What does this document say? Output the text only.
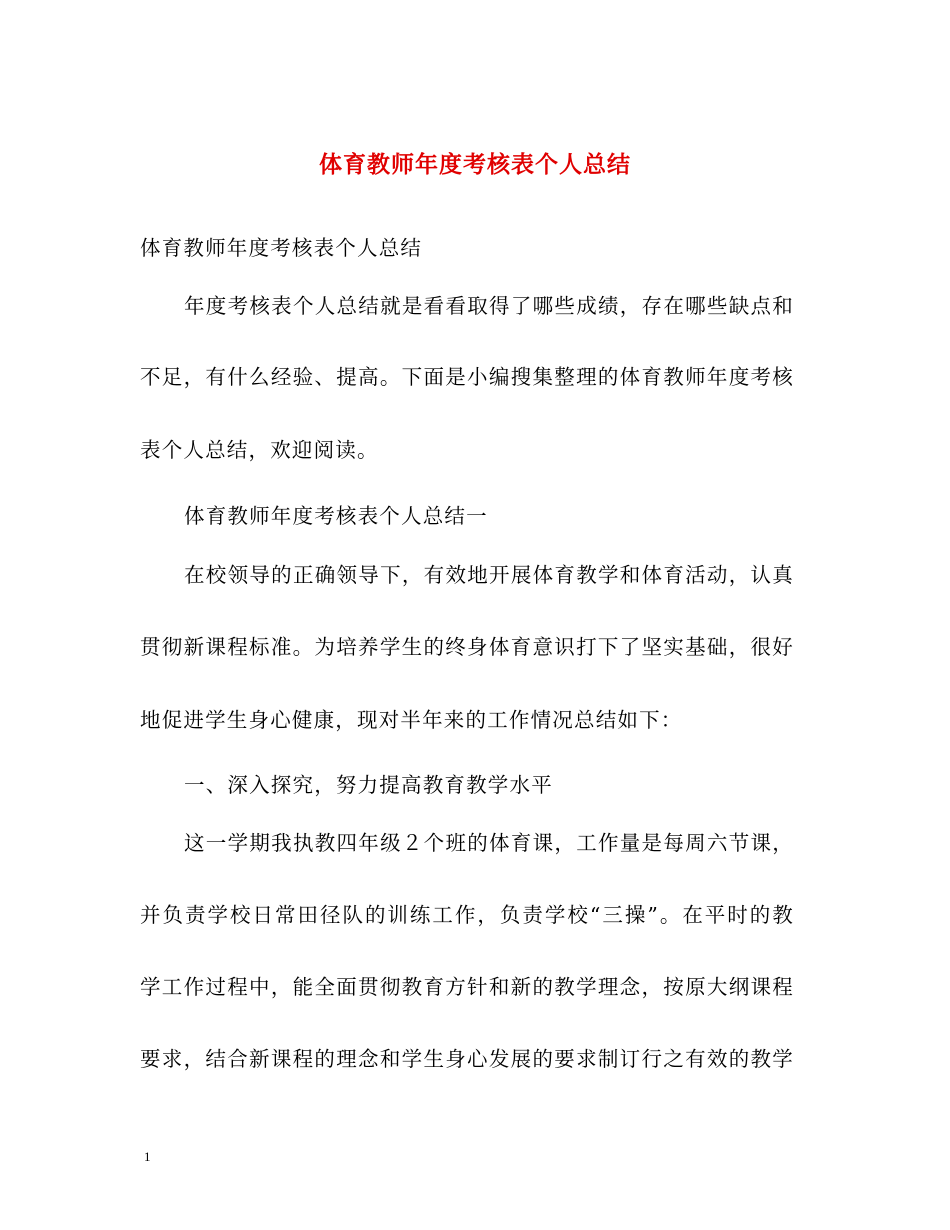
体育教师年度考核表个人总结
体育教师年度考核表个人总结
年度考核表个人总结就是看看取得了哪些成绩，存在哪些缺点和
不足，有什么经验、提高。下面是小编搜集整理的体育教师年度考核
表个人总结，欢迎阅读。
体育教师年度考核表个人总结一
在校领导的正确领导下，有效地开展体育教学和体育活动，认真
贯彻新课程标准。为培养学生的终身体育意识打下了坚实基础，很好
地促进学生身心健康，现对半年来的工作情况总结如下：
一、深入探究，努力提高教育教学水平
这一学期我执教四年级２个班的体育课，工作量是每周六节课，
并负责学校日常田径队的训练工作，负责学校“三操”。在平时的教
学工作过程中，能全面贯彻教育方针和新的教学理念，按原大纲课程
要求，结合新课程的理念和学生身心发展的要求制订行之有效的教学
1
